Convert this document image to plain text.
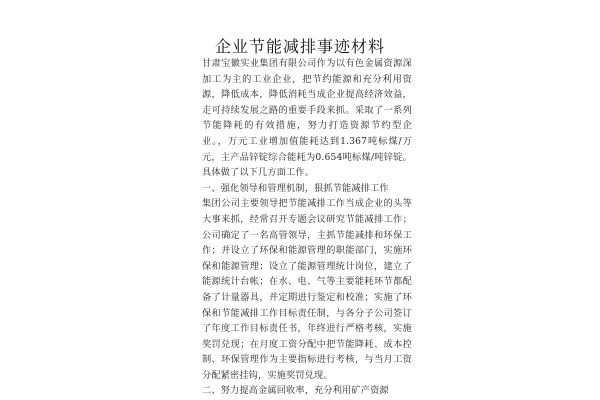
企业节能减排事迹材料

甘肃宝徽实业集团有限公司作为以有色金属资源深加工为主的工业企业，把节约能源和充分利用资源，降低成本，降低消耗当成企业提高经济效益，走可持续发展之路的重要手段来抓。采取了一系列节能降耗的有效措施，努力打造资源节约型企业。，万元工业增加值能耗达到1.367吨标煤/万元，主产品锌锭综合能耗为0.654吨标煤/吨锌锭。具体做了以下几方面工作。

一、强化领导和管理机制，狠抓节能减排工作

集团公司主要领导把节能减排工作当成企业的头等大事来抓，经常召开专题会议研究节能减排工作；公司确定了一名高管领导，主抓节能减排和环保工作；并设立了环保和能源管理的职能部门，实施环保和能源管理；设立了能源管理统计岗位，建立了能源统计台帐；在水、电、气等主要能耗环节都配备了计量器具，并定期进行鉴定和校准；实施了环保和节能减排工作目标责任制，与各分子公司签订了年度工作目标责任书，年终进行严格考核，实施奖罚兑现；在月度工资分配中把节能降耗、成本控制、环保管理作为主要指标进行考核，与当月工资分配紧密挂钩，实施奖罚兑现。

二、努力提高金属回收率，充分利用矿产资源
